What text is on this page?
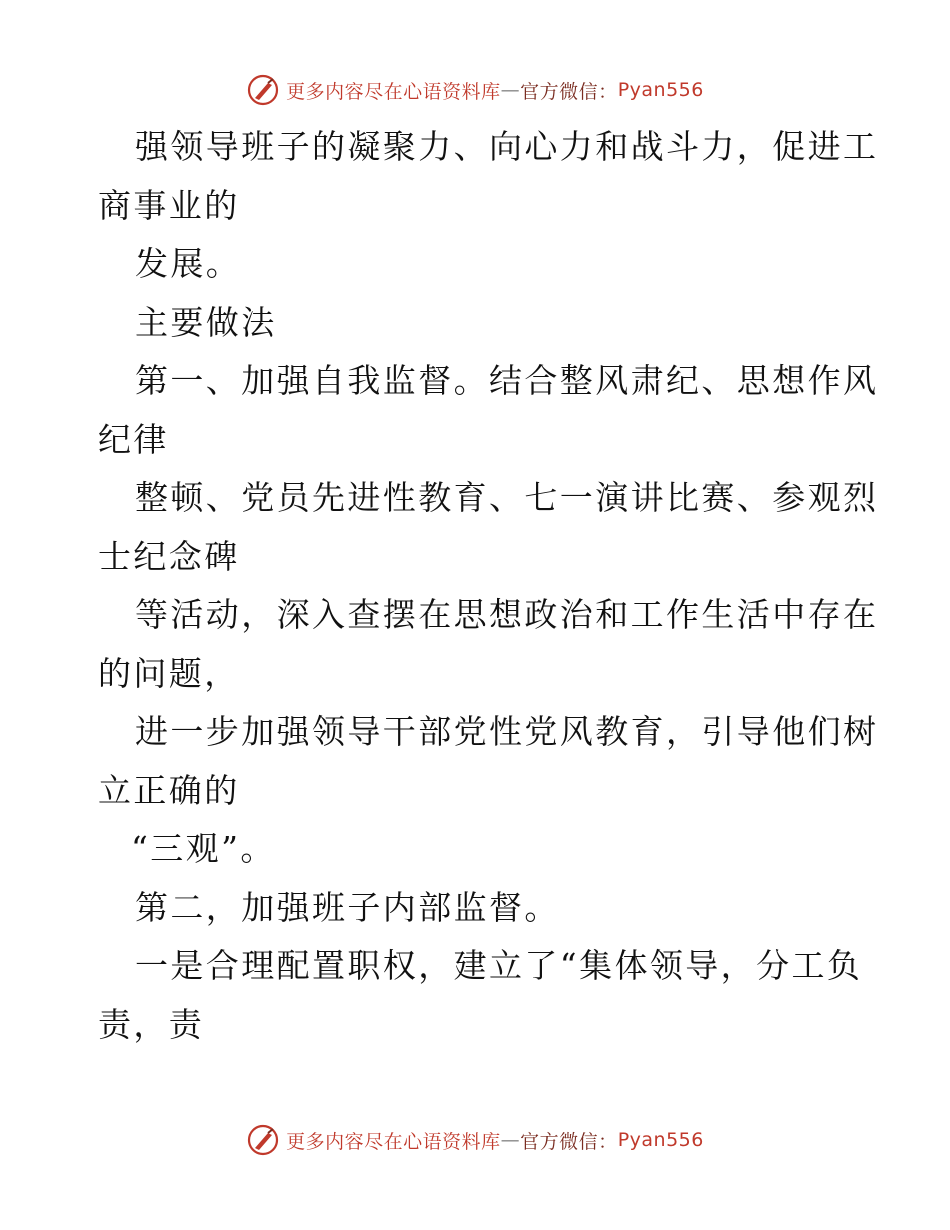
更多内容尽在心语资料库 — 官方微信： Pyan556
强领导班子的凝聚力、向心力和战斗力，促进工
商事业的
发展。
主要做法
第一、加强自我监督。结合整风肃纪、思想作风
纪律
整顿、党员先进性教育、七一演讲比赛、参观烈
士纪念碑
等活动，深入查摆在思想政治和工作生活中存在
的问题，
进一步加强领导干部党性党风教育，引导他们树
立正确的
“三观”。
第二，加强班子内部监督。
一是合理配置职权，建立了“集体领导，分工负
责，责
更多内容尽在心语资料库 — 官方微信： Pyan556
